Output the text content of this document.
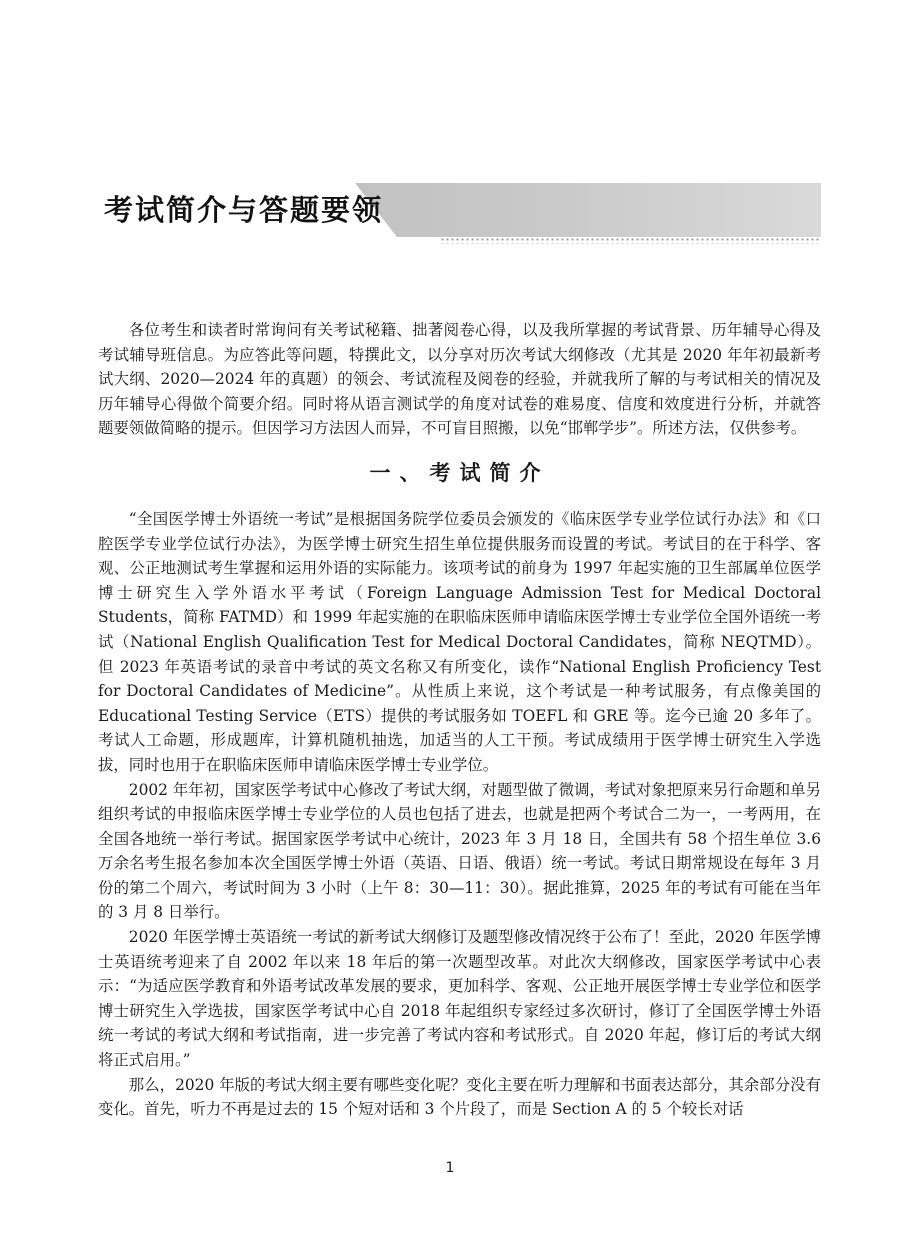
考试简介与答题要领

各位考生和读者时常询问有关考试秘籍、拙著阅卷心得，以及我所掌握的考试背景、历年辅导心得及考试辅导班信息。为应答此等问题，特撰此文，以分享对历次考试大纲修改（尤其是 2020 年年初最新考试大纲、2020—2024 年的真题）的领会、考试流程及阅卷的经验，并就我所了解的与考试相关的情况及历年辅导心得做个简要介绍。同时将从语言测试学的角度对试卷的难易度、信度和效度进行分析，并就答题要领做简略的提示。但因学习方法因人而异，不可盲目照搬，以免“邯郸学步”。所述方法，仅供参考。

一、考试简介

“全国医学博士外语统一考试”是根据国务院学位委员会颁发的《临床医学专业学位试行办法》和《口腔医学专业学位试行办法》，为医学博士研究生招生单位提供服务而设置的考试。考试目的在于科学、客观、公正地测试考生掌握和运用外语的实际能力。该项考试的前身为 1997 年起实施的卫生部属单位医学博士研究生入学外语水平考试（Foreign Language Admission Test for Medical Doctoral Students，简称 FATMD）和 1999 年起实施的在职临床医师申请临床医学博士专业学位全国外语统一考试（National English Qualification Test for Medical Doctoral Candidates，简称 NEQTMD）。但 2023 年英语考试的录音中考试的英文名称又有所变化，读作“National English Proficiency Test for Doctoral Candidates of Medicine”。从性质上来说，这个考试是一种考试服务，有点像美国的 Educational Testing Service（ETS）提供的考试服务如 TOEFL 和 GRE 等。迄今已逾 20 多年了。考试人工命题，形成题库，计算机随机抽选，加适当的人工干预。考试成绩用于医学博士研究生入学选拔，同时也用于在职临床医师申请临床医学博士专业学位。

2002 年年初，国家医学考试中心修改了考试大纲，对题型做了微调，考试对象把原来另行命题和单另组织考试的申报临床医学博士专业学位的人员也包括了进去，也就是把两个考试合二为一，一考两用，在全国各地统一举行考试。据国家医学考试中心统计，2023 年 3 月 18 日，全国共有 58 个招生单位 3.6 万余名考生报名参加本次全国医学博士外语（英语、日语、俄语）统一考试。考试日期常规设在每年 3 月份的第二个周六，考试时间为 3 小时（上午 8：30—11：30）。据此推算，2025 年的考试有可能在当年的 3 月 8 日举行。

2020 年医学博士英语统一考试的新考试大纲修订及题型修改情况终于公布了！至此，2020 年医学博士英语统考迎来了自 2002 年以来 18 年后的第一次题型改革。对此次大纲修改，国家医学考试中心表示：“为适应医学教育和外语考试改革发展的要求，更加科学、客观、公正地开展医学博士专业学位和医学博士研究生入学选拔，国家医学考试中心自 2018 年起组织专家经过多次研讨，修订了全国医学博士外语统一考试的考试大纲和考试指南，进一步完善了考试内容和考试形式。自 2020 年起，修订后的考试大纲将正式启用。”

那么，2020 年版的考试大纲主要有哪些变化呢？变化主要在听力理解和书面表达部分，其余部分没有变化。首先，听力不再是过去的 15 个短对话和 3 个片段了，而是 Section A 的 5 个较长对话

1
